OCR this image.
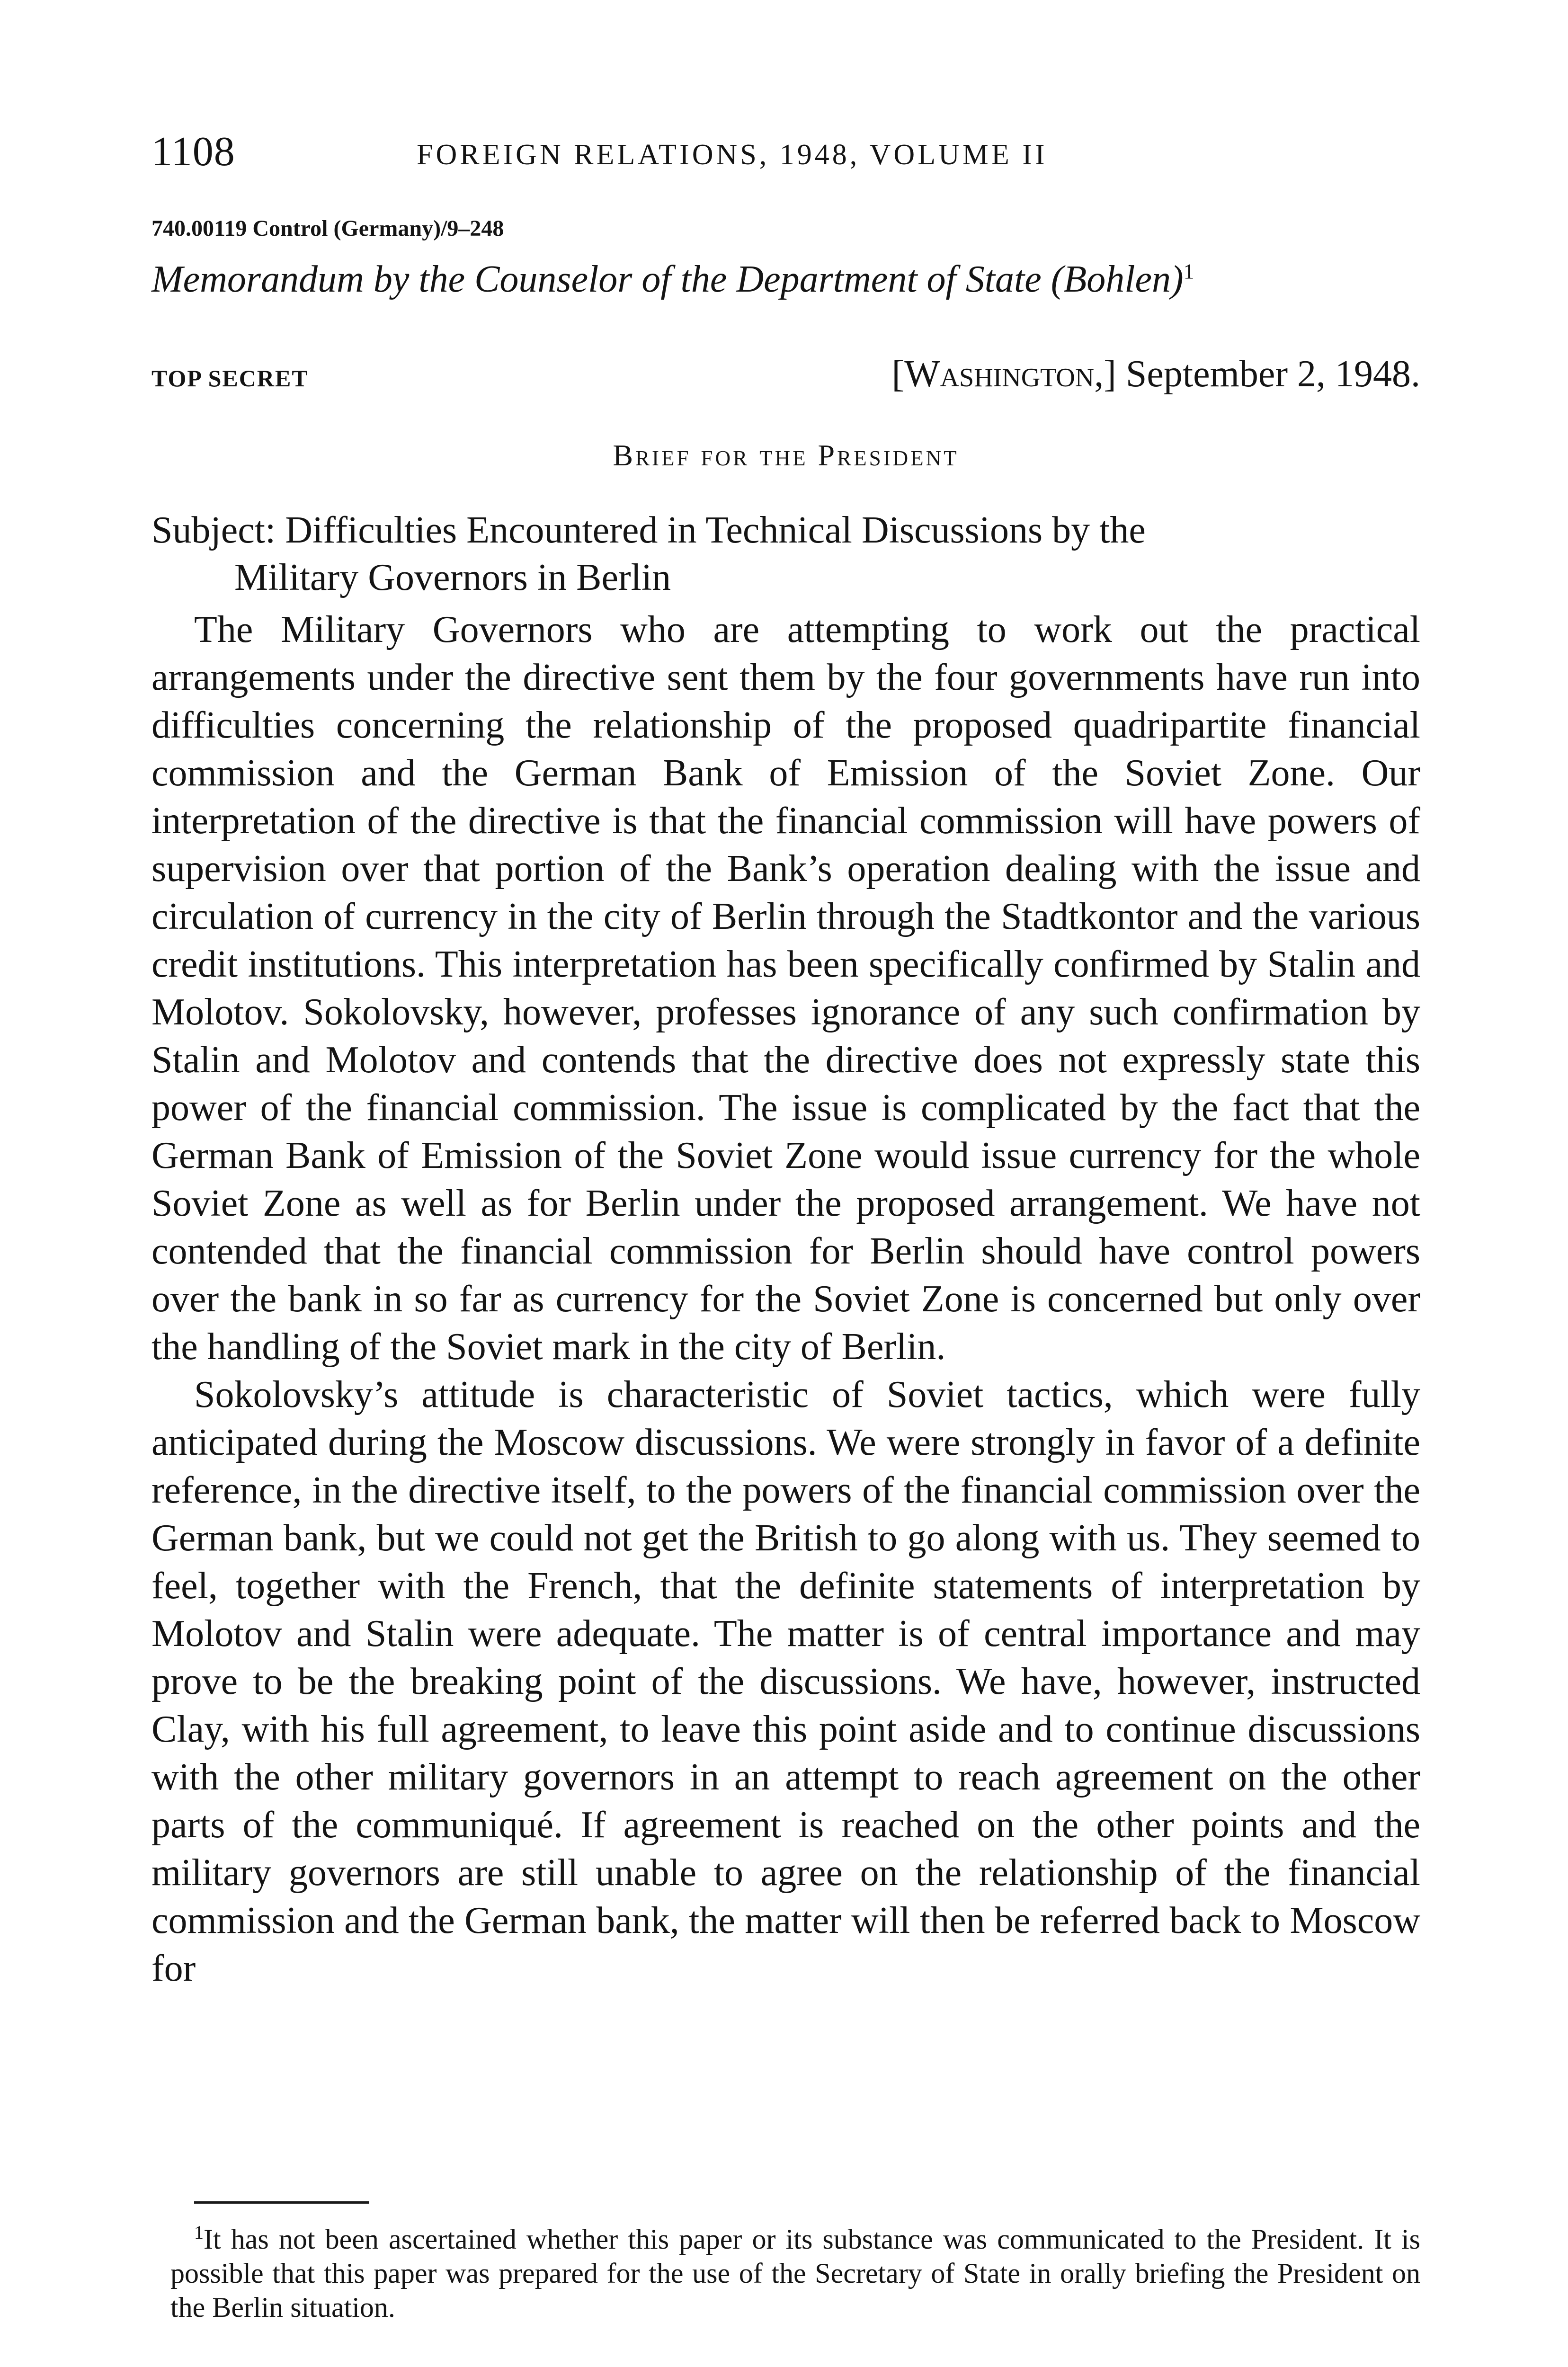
1108	FOREIGN RELATIONS, 1948, VOLUME II
740.00119 Control (Germany)/9–248
Memorandum by the Counselor of the Department of State (Bohlen)$^1$
TOP SECRET	[Washington,] September 2, 1948.
Brief for the President
Subject: Difficulties Encountered in Technical Discussions by the
Military Governors in Berlin

The Military Governors who are attempting to work out the practical arrangements under the directive sent them by the four governments have run into difficulties concerning the relationship of the proposed quadripartite financial commission and the German Bank of Emission of the Soviet Zone. Our interpretation of the directive is that the financial commission will have powers of supervision over that portion of the Bank’s operation dealing with the issue and circulation of currency in the city of Berlin through the Stadtkontor and the various credit institutions. This interpretation has been specifically confirmed by Stalin and Molotov. Sokolovsky, however, professes ignorance of any such confirmation by Stalin and Molotov and contends that the directive does not expressly state this power of the financial commission. The issue is complicated by the fact that the German Bank of Emission of the Soviet Zone would issue currency for the whole Soviet Zone as well as for Berlin under the proposed arrangement. We have not contended that the financial commission for Berlin should have control powers over the bank in so far as currency for the Soviet Zone is concerned but only over the handling of the Soviet mark in the city of Berlin.

Sokolovsky’s attitude is characteristic of Soviet tactics, which were fully anticipated during the Moscow discussions. We were strongly in favor of a definite reference, in the directive itself, to the powers of the financial commission over the German bank, but we could not get the British to go along with us. They seemed to feel, together with the French, that the definite statements of interpretation by Molotov and Stalin were adequate. The matter is of central importance and may prove to be the breaking point of the discussions. We have, however, instructed Clay, with his full agreement, to leave this point aside and to continue discussions with the other military governors in an attempt to reach agreement on the other parts of the communiqué. If agreement is reached on the other points and the military governors are still unable to agree on the relationship of the financial commission and the German bank, the matter will then be referred back to Moscow for

$^1$It has not been ascertained whether this paper or its substance was communicated to the President. It is possible that this paper was prepared for the use of the Secretary of State in orally briefing the President on the Berlin situation.
